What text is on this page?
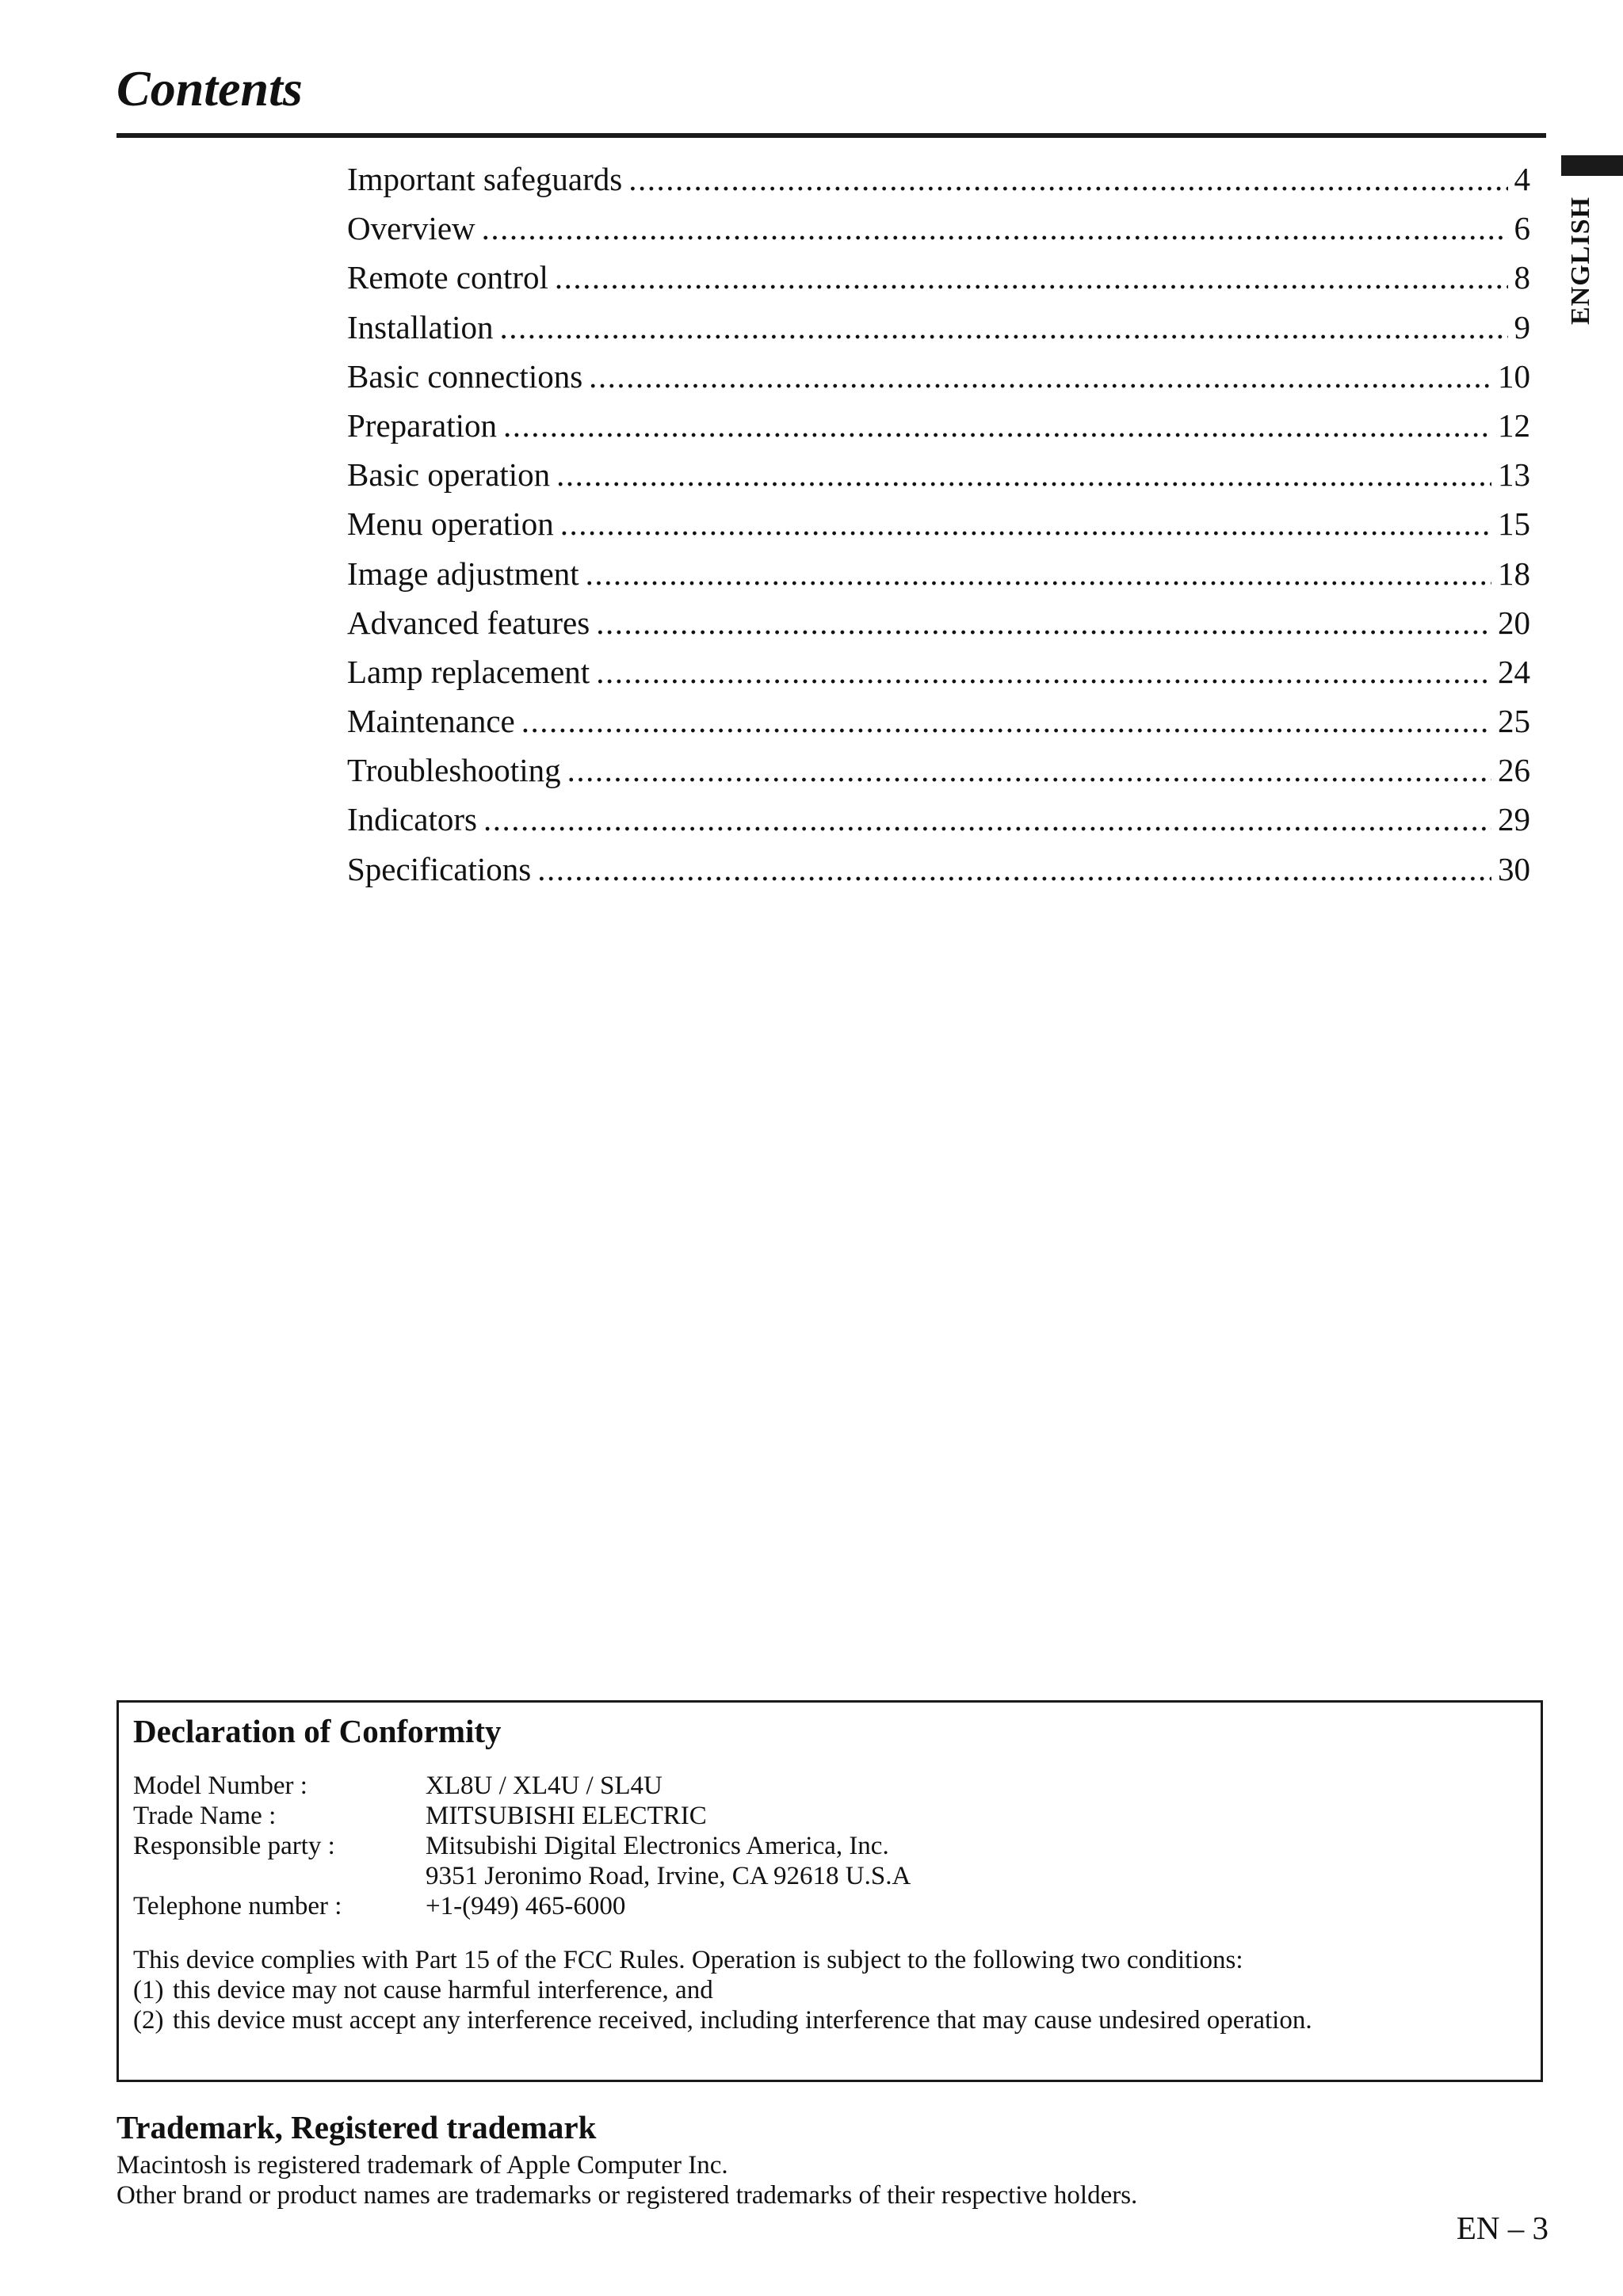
Contents
ENGLISH
Important safeguards .....	4
Overview .....	6
Remote control .....	8
Installation .....	9
Basic connections .....	10
Preparation .....	12
Basic operation .....	13
Menu operation .....	15
Image adjustment .....	18
Advanced features .....	20
Lamp replacement .....	24
Maintenance .....	25
Troubleshooting .....	26
Indicators .....	29
Specifications .....	30
Declaration of Conformity
Model Number :	XL8U / XL4U / SL4U
Trade Name :	MITSUBISHI ELECTRIC
Responsible party :	Mitsubishi Digital Electronics America, Inc.
9351 Jeronimo Road, Irvine, CA 92618 U.S.A
Telephone number :	+1-(949) 465-6000
This device complies with Part 15 of the FCC Rules. Operation is subject to the following two conditions:
(1) this device may not cause harmful interference, and
(2) this device must accept any interference received, including interference that may cause undesired operation.
Trademark, Registered trademark
Macintosh is registered trademark of Apple Computer Inc.
Other brand or product names are trademarks or registered trademarks of their respective holders.
EN – 3
